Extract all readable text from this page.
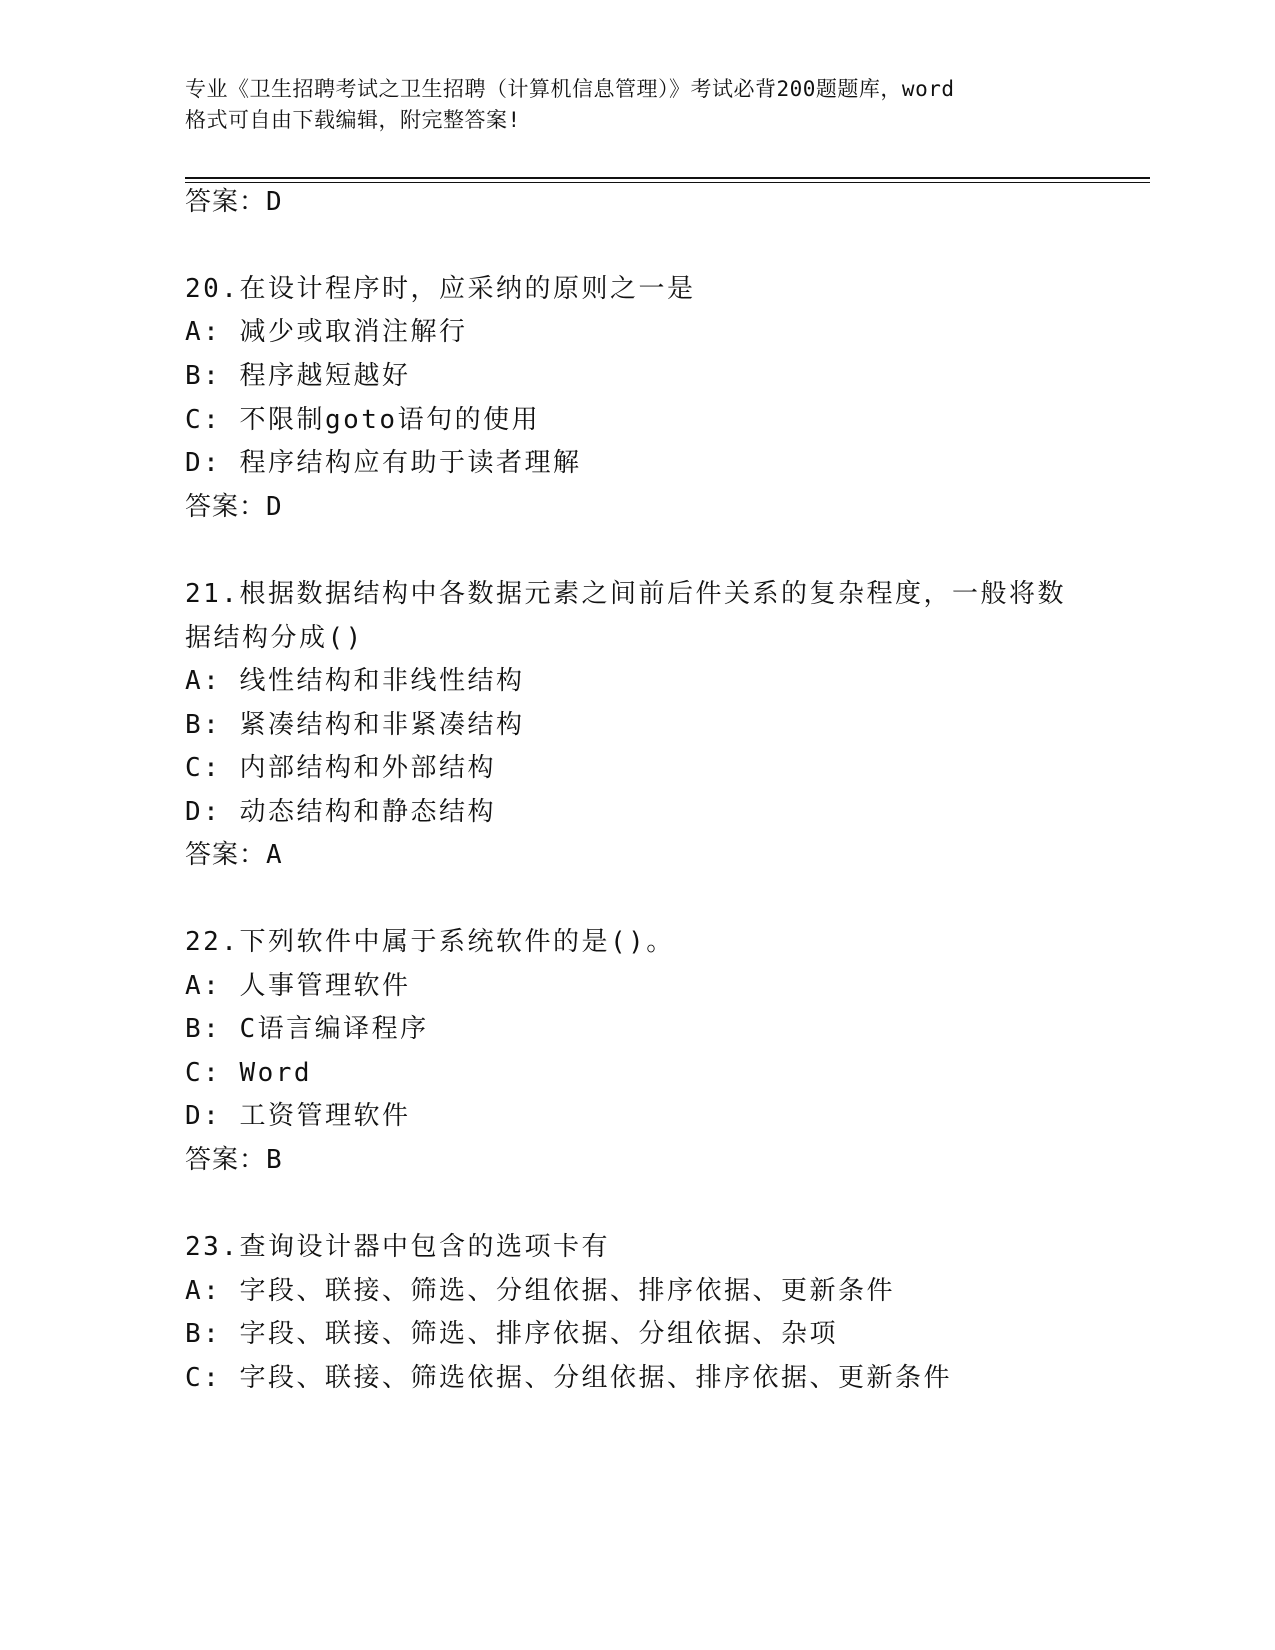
专业《卫生招聘考试之卫生招聘（计算机信息管理）》考试必背200题题库，word
格式可自由下载编辑，附完整答案!
答案：D
20.在设计程序时，应采纳的原则之一是
A: 减少或取消注解行
B: 程序越短越好
C: 不限制goto语句的使用
D: 程序结构应有助于读者理解
答案：D
21.根据数据结构中各数据元素之间前后件关系的复杂程度，一般将数
据结构分成()
A: 线性结构和非线性结构
B: 紧凑结构和非紧凑结构
C: 内部结构和外部结构
D: 动态结构和静态结构
答案：A
22.下列软件中属于系统软件的是()。
A: 人事管理软件
B: C语言编译程序
C: Word
D: 工资管理软件
答案：B
23.查询设计器中包含的选项卡有
A: 字段、联接、筛选、分组依据、排序依据、更新条件
B: 字段、联接、筛选、排序依据、分组依据、杂项
C: 字段、联接、筛选依据、分组依据、排序依据、更新条件
